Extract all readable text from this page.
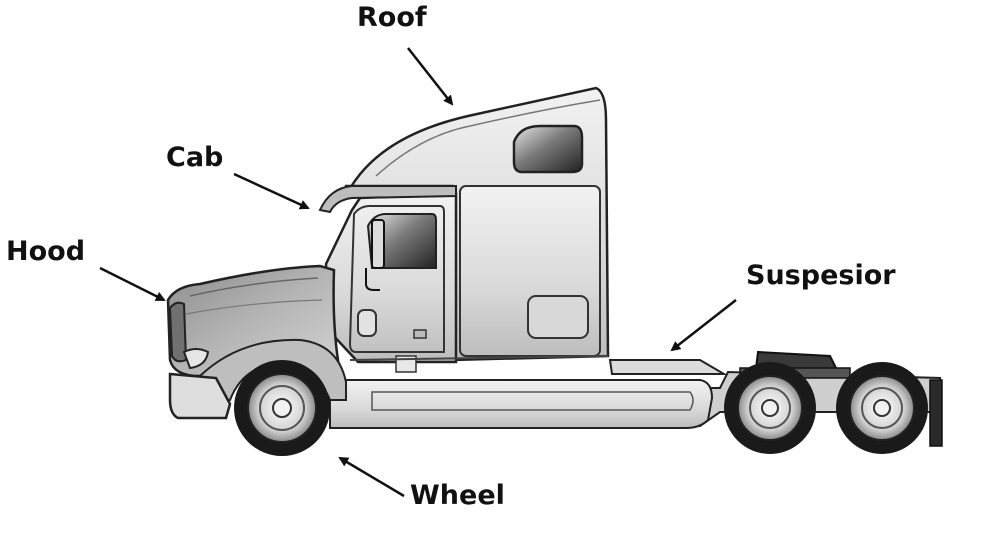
Roof
Cab
Hood
Suspesior
Wheel
